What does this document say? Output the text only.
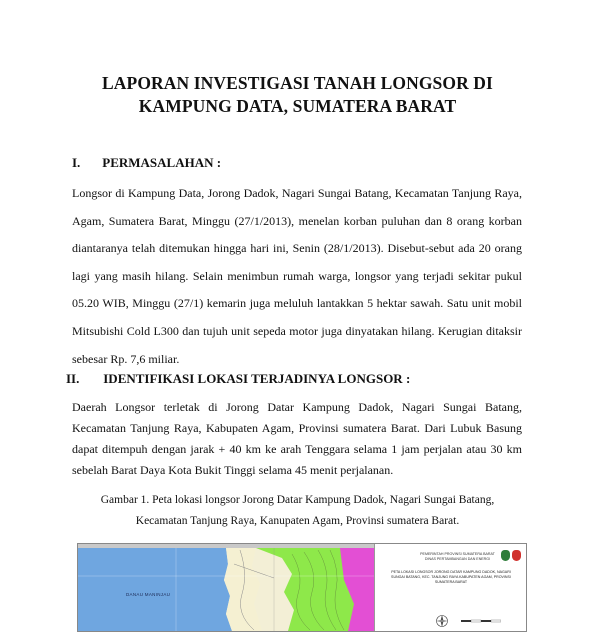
LAPORAN INVESTIGASI TANAH LONGSOR DI
KAMPUNG DATA, SUMATERA BARAT
I. PERMASALAHAN :

Longsor di Kampung Data, Jorong Dadok, Nagari Sungai Batang, Kecamatan Tanjung Raya, Agam, Sumatera Barat, Minggu (27/1/2013), menelan korban puluhan dan 8 orang korban diantaranya telah ditemukan hingga hari ini, Senin (28/1/2013). Disebut-sebut ada 20 orang lagi yang masih hilang. Selain menimbun rumah warga, longsor yang terjadi sekitar pukul 05.20 WIB, Minggu (27/1) kemarin juga meluluh lantakkan 5 hektar sawah. Satu unit mobil Mitsubishi Cold L300 dan tujuh unit sepeda motor juga dinyatakan hilang. Kerugian ditaksir sebesar Rp. 7,6 miliar.

II. IDENTIFIKASI LOKASI TERJADINYA LONGSOR :

Daerah Longsor terletak di Jorong Datar Kampung Dadok, Nagari Sungai Batang, Kecamatan Tanjung Raya, Kabupaten Agam, Provinsi sumatera Barat. Dari Lubuk Basung dapat ditempuh dengan jarak + 40 km ke arah Tenggara selama 1 jam perjalan atau 30 km sebelah Barat Daya Kota Bukit Tinggi selama 45 menit perjalanan.

Gambar 1. Peta lokasi longsor Jorong Datar Kampung Dadok, Nagari Sungai Batang,
Kecamatan Tanjung Raya, Kanupaten Agam, Provinsi sumatera Barat.
DANAU MANINJAU
PEMERINTAH PROVINSI SUMATERA BARAT DINAS PERTAMBANGAN DAN ENERGI
PETA LOKASI LONGSOR JORONG DATAR KAMPUNG DADOK, NAGARI SUNGAI BATANG, KEC. TANJUNG RAYA KABUPATEN AGAM, PROVINSI SUMATERA BARAT
